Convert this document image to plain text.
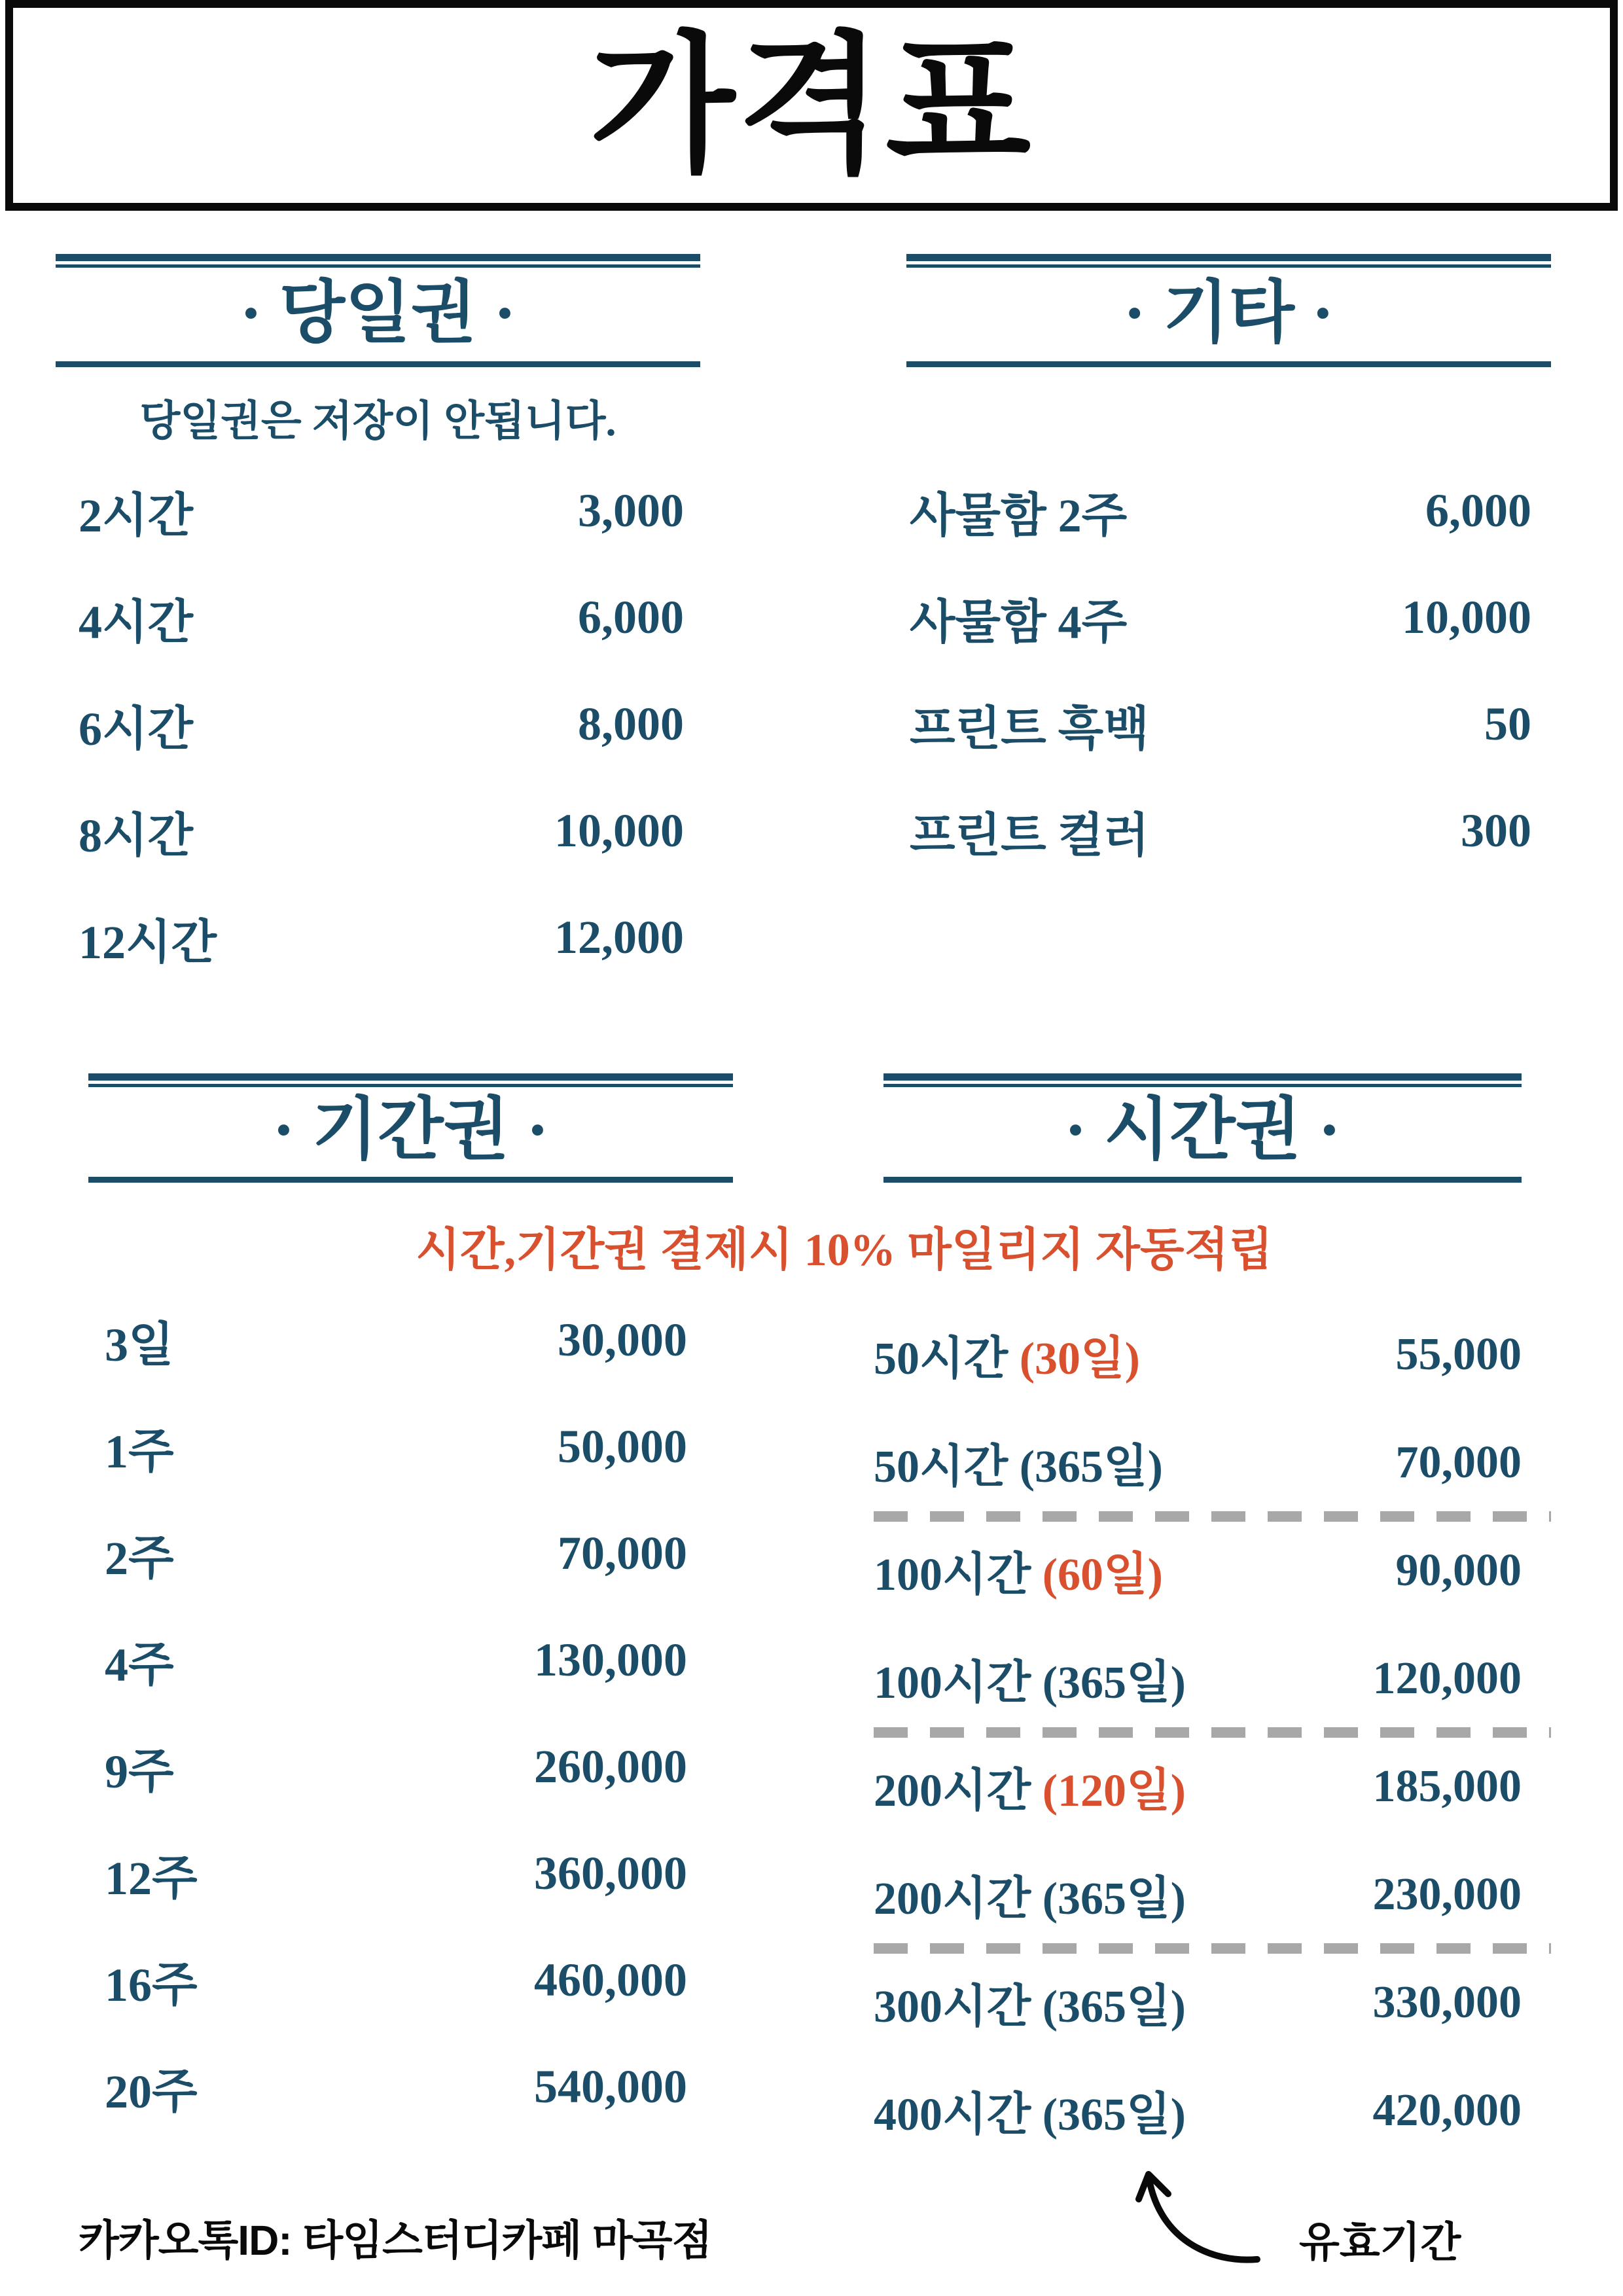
가격표
· 당일권 ·
당일권은 저장이 안됩니다.
2시간	3,000
4시간	6,000
6시간	8,000
8시간	10,000
12시간	12,000
· 기타 ·
사물함 2주	6,000
사물함 4주	10,000
프린트 흑백	50
프린트 컬러	300
· 기간권 ·
3일	30,000
1주	50,000
2주	70,000
4주	130,000
9주	260,000
12주	360,000
16주	460,000
20주	540,000
· 시간권 ·
50시간 (30일)	55,000
50시간 (365일)	70,000
100시간 (60일)	90,000
100시간 (365일)	120,000
200시간 (120일)	185,000
200시간 (365일)	230,000
300시간 (365일)	330,000
400시간 (365일)	420,000
시간,기간권 결제시 10% 마일리지 자동적립
카카오톡ID: 타임스터디카페 마곡점	유효기간
